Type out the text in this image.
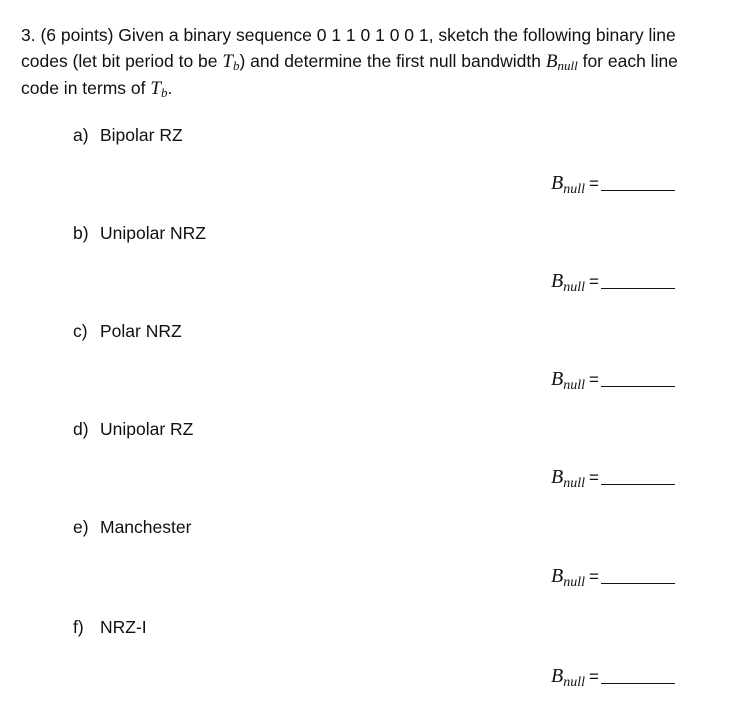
3. (6 points) Given a binary sequence 0 1 1 0 1 0 0 1, sketch the following binary line codes (let bit period to be $T_b$) and determine the first null bandwidth $B_{null}$ for each line code in terms of $T_b$.
a) Bipolar RZ
$B_{null}$ =
b) Unipolar NRZ
$B_{null}$ =
c) Polar NRZ
$B_{null}$ =
d) Unipolar RZ
$B_{null}$ =
e) Manchester
$B_{null}$ =
f) NRZ-I
$B_{null}$ =
